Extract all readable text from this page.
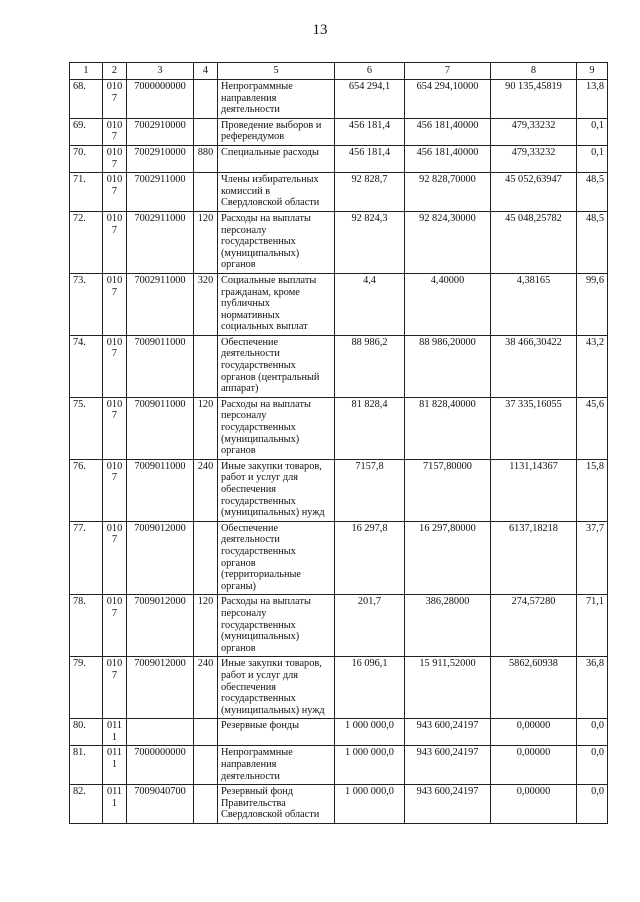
13
1	2	3	4	5	6	7	8	9
68.	0107	7000000000		Непрограммные направления деятельности	654 294,1	654 294,10000	90 135,45819	13,8
69.	0107	7002910000		Проведение выборов и референдумов	456 181,4	456 181,40000	479,33232	0,1
70.	0107	7002910000	880	Специальные расходы	456 181,4	456 181,40000	479,33232	0,1
71.	0107	7002911000		Члены избирательных комиссий в Свердловской области	92 828,7	92 828,70000	45 052,63947	48,5
72.	0107	7002911000	120	Расходы на выплаты персоналу государственных (муниципальных) органов	92 824,3	92 824,30000	45 048,25782	48,5
73.	0107	7002911000	320	Социальные выплаты гражданам, кроме публичных нормативных социальных выплат	4,4	4,40000	4,38165	99,6
74.	0107	7009011000		Обеспечение деятельности государственных органов (центральный аппарат)	88 986,2	88 986,20000	38 466,30422	43,2
75.	0107	7009011000	120	Расходы на выплаты персоналу государственных (муниципальных) органов	81 828,4	81 828,40000	37 335,16055	45,6
76.	0107	7009011000	240	Иные закупки товаров, работ и услуг для обеспечения государственных (муниципальных) нужд	7157,8	7157,80000	1131,14367	15,8
77.	0107	7009012000		Обеспечение деятельности государственных органов (территориальные органы)	16 297,8	16 297,80000	6137,18218	37,7
78.	0107	7009012000	120	Расходы на выплаты персоналу государственных (муниципальных) органов	201,7	386,28000	274,57280	71,1
79.	0107	7009012000	240	Иные закупки товаров, работ и услуг для обеспечения государственных (муниципальных) нужд	16 096,1	15 911,52000	5862,60938	36,8
80.	0111			Резервные фонды	1 000 000,0	943 600,24197	0,00000	0,0
81.	0111	7000000000		Непрограммные направления деятельности	1 000 000,0	943 600,24197	0,00000	0,0
82.	0111	7009040700		Резервный фонд Правительства Свердловской области	1 000 000,0	943 600,24197	0,00000	0,0
